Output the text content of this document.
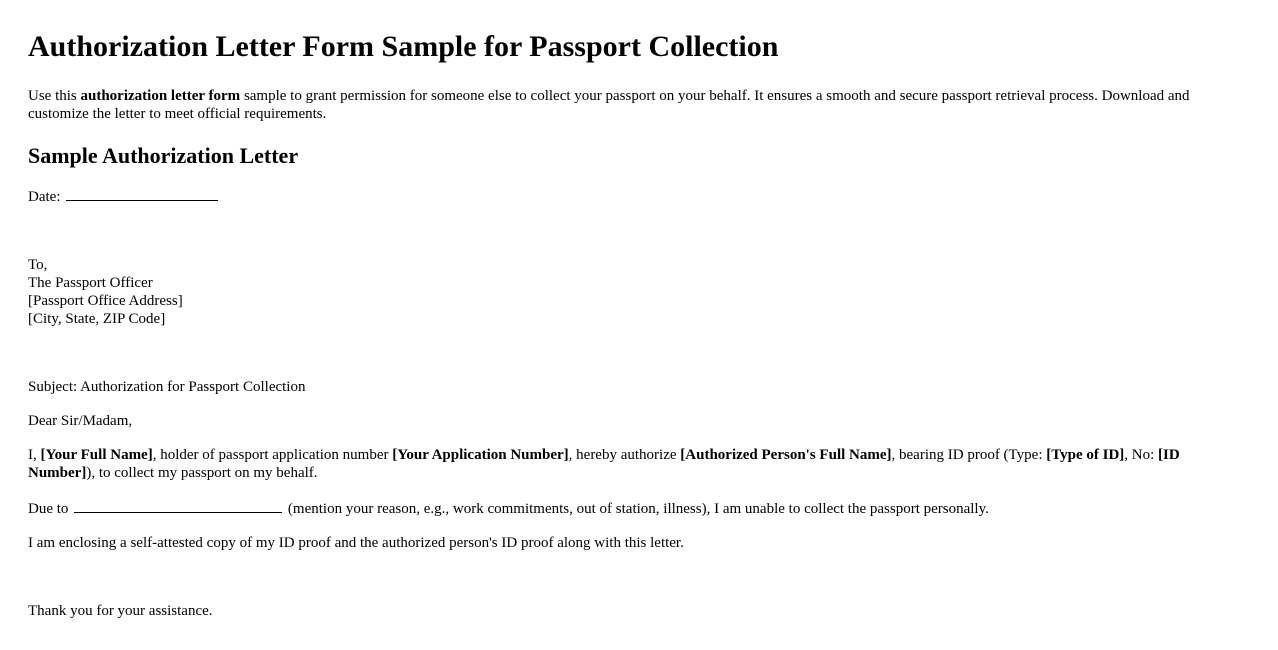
Authorization Letter Form Sample for Passport Collection

Use this authorization letter form sample to grant permission for someone else to collect your passport on your behalf. It ensures a smooth and secure passport retrieval process. Download and customize the letter to meet official requirements.

Sample Authorization Letter
Date:
To,
The Passport Officer
[Passport Office Address]
[City, State, ZIP Code]
Subject: Authorization for Passport Collection
Dear Sir/Madam,
I, [Your Full Name], holder of passport application number [Your Application Number], hereby authorize [Authorized Person's Full Name], bearing ID proof (Type: [Type of ID], No: [ID Number]), to collect my passport on my behalf.
Due to	(mention your reason, e.g., work commitments, out of station, illness), I am unable to collect the passport personally.
I am enclosing a self-attested copy of my ID proof and the authorized person's ID proof along with this letter.
Thank you for your assistance.
